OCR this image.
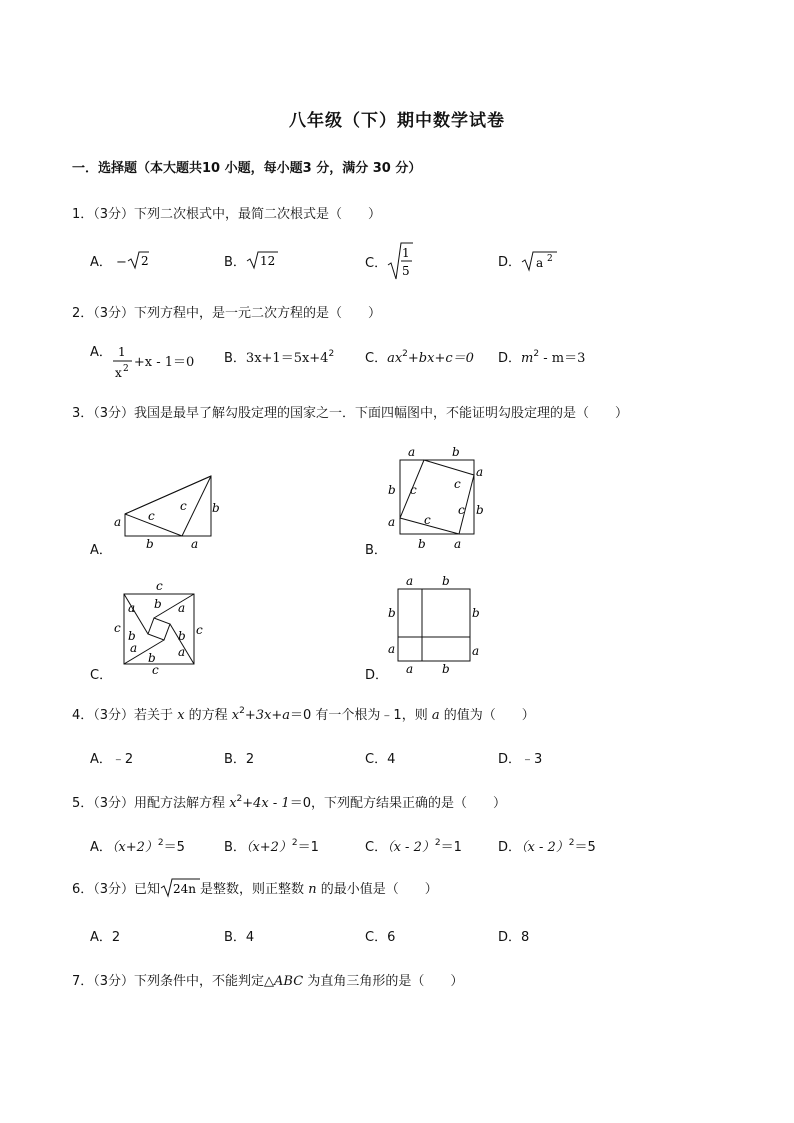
八年级（下）期中数学试卷
一．选择题（本大题共10 小题，每小题3 分，满分 30 分）
1．（3分）下列二次根式中，最简二次根式是（　　）
A． − 2	B． 12	C．
1
5
D． a 2
2．（3分）下列方程中，是一元二次方程的是（　　）
A． 1
x 2 +x - 1＝0 B．$3x+1=5x+4^2$ C．$ax^2+bx+c=0$ D．$m^2 - m=3$
3．（3分）我国是最早了解勾股定理的国家之一．下面四幅图中，不能证明勾股定理的是（　　）
A．
a c
c b
b	a	B．
a	b
a
b
b
a
b a
c	c
c
c
C．
c
c	c
c
a b a
b
a
b
a
b
D．
a b
b	b
a	a
a b
4．（3分）若关于 x 的方程 $x^2+3x+a=0$ 有一个根为﹣1，则 a 的值为（　　）
A．﹣2	B．2	C．4	D．﹣3
5．（3分）用配方法解方程 $x^2+4x - 1=0$，下列配方结果正确的是（　　）
A．$(x+2)^2=5$	B．$(x+2)^2=1$	C．（x - 2）$^2$＝1	D．（x - 2）$^2$＝5
6．（3分）已知 24n 是整数，则正整数 n 的最小值是（　　）
A．2	B．4	C．6	D．8
7．（3分）下列条件中，不能判定△ABC 为直角三角形的是（　　）
